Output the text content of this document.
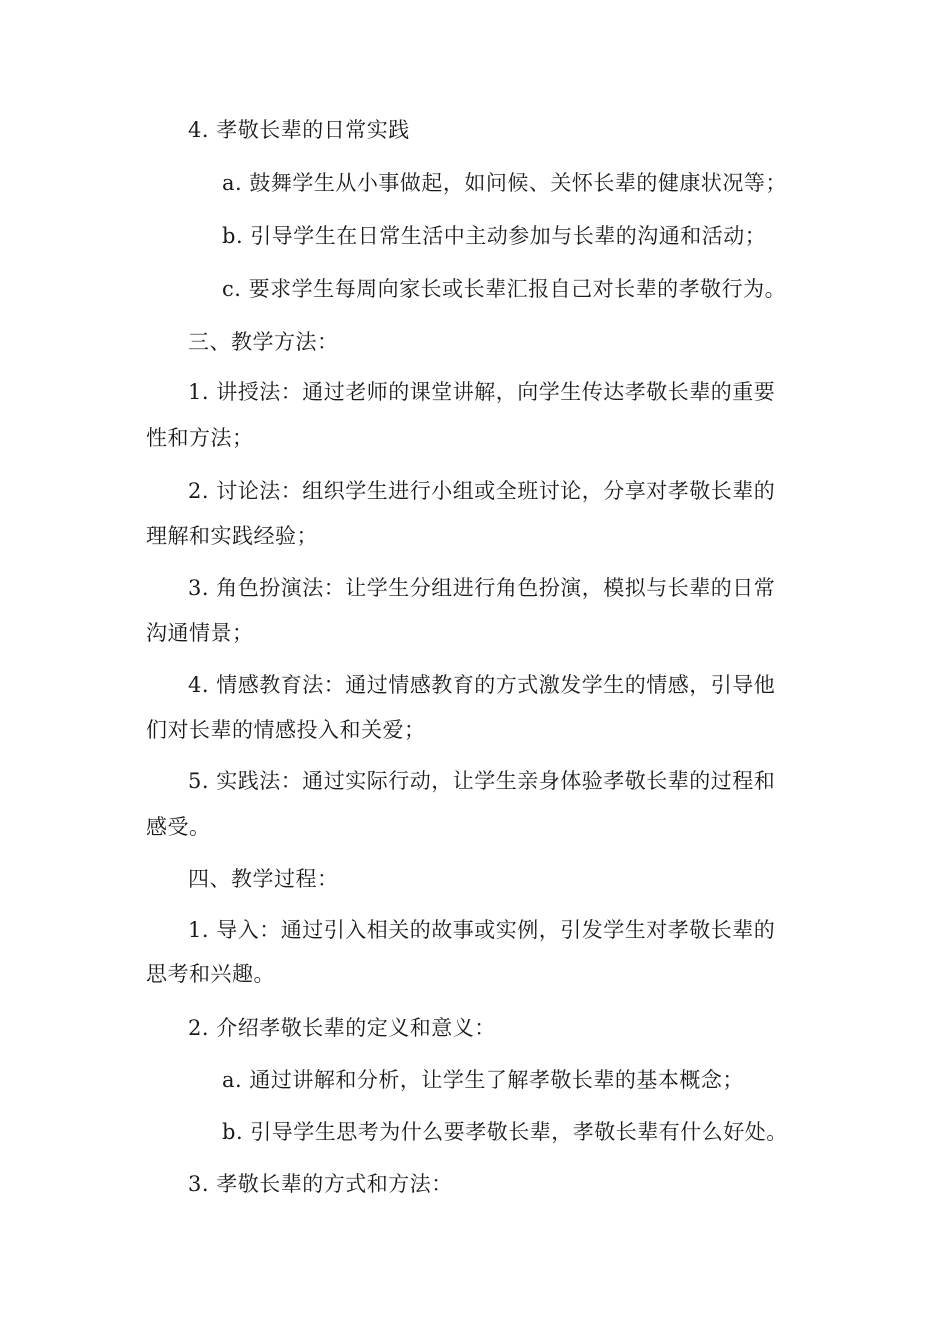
4. 孝敬长辈的日常实践
a. 鼓舞学生从小事做起，如问候、关怀长辈的健康状况等；
b. 引导学生在日常生活中主动参加与长辈的沟通和活动；
c. 要求学生每周向家长或长辈汇报自己对长辈的孝敬行为。
三、教学方法：
1. 讲授法：通过老师的课堂讲解，向学生传达孝敬长辈的重要
性和方法；
2. 讨论法：组织学生进行小组或全班讨论，分享对孝敬长辈的
理解和实践经验；
3. 角色扮演法：让学生分组进行角色扮演，模拟与长辈的日常
沟通情景；
4. 情感教育法：通过情感教育的方式激发学生的情感，引导他
们对长辈的情感投入和关爱；
5. 实践法：通过实际行动，让学生亲身体验孝敬长辈的过程和
感受。
四、教学过程：
1. 导入：通过引入相关的故事或实例，引发学生对孝敬长辈的
思考和兴趣。
2. 介绍孝敬长辈的定义和意义：
a. 通过讲解和分析，让学生了解孝敬长辈的基本概念；
b. 引导学生思考为什么要孝敬长辈，孝敬长辈有什么好处。
3. 孝敬长辈的方式和方法：
